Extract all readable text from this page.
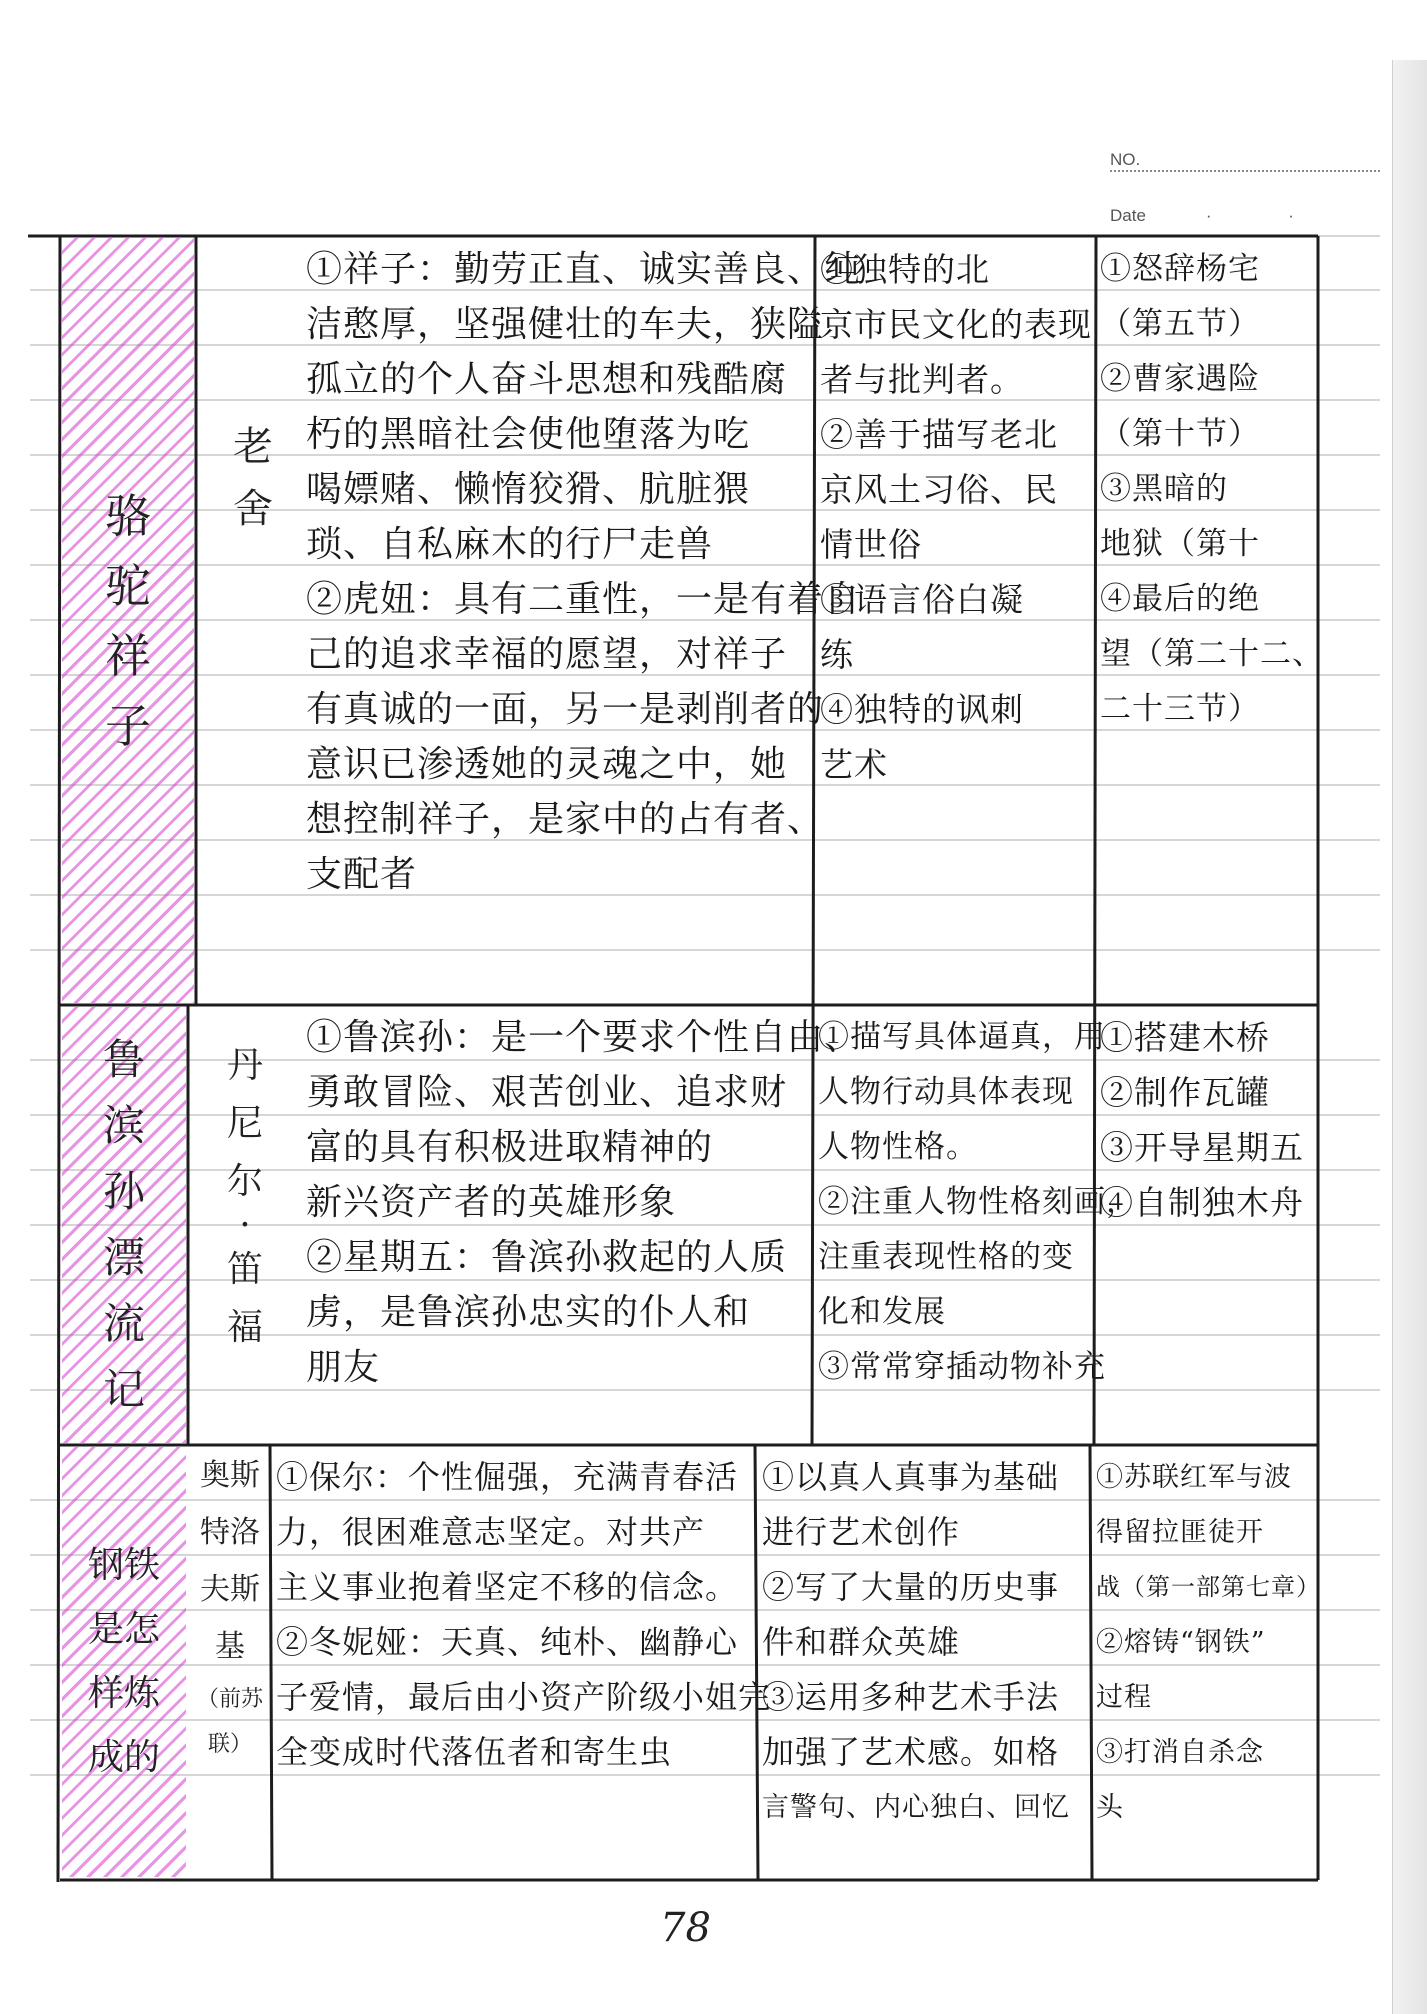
NO.
Date	· ·
骆
驼
祥
子
老
舍

①祥子：勤劳正直、诚实善良、纯

洁憨厚，坚强健壮的车夫，狭隘

孤立的个人奋斗思想和残酷腐

朽的黑暗社会使他堕落为吃

喝嫖赌、懒惰狡猾、肮脏猥

琐、自私麻木的行尸走兽

②虎妞：具有二重性，一是有着自

己的追求幸福的愿望，对祥子

有真诚的一面，另一是剥削者的

意识已渗透她的灵魂之中，她

想控制祥子，是家中的占有者、

支配者

①独特的北

京市民文化的表现

者与批判者。

②善于描写老北

京风土习俗、民

情世俗

③语言俗白凝

练

④独特的讽刺

艺术

①怒辞杨宅

（第五节）

②曹家遇险

（第十节）

③黑暗的

地狱（第十

④最后的绝

望（第二十二、

二十三节）

鲁
滨
孙
漂
流
记
丹
尼
尔
·
笛
福

①鲁滨孙：是一个要求个性自由、

勇敢冒险、艰苦创业、追求财

富的具有积极进取精神的

新兴资产者的英雄形象

②星期五：鲁滨孙救起的人质

虏，是鲁滨孙忠实的仆人和

朋友

①描写具体逼真，用

人物行动具体表现

人物性格。

②注重人物性格刻画，

注重表现性格的变

化和发展

③常常穿插动物补充

①搭建木桥

②制作瓦罐

③开导星期五

④自制独木舟

钢铁
是怎
样炼
成的
奥斯
特洛
夫斯
基
（前苏
联）

①保尔：个性倔强，充满青春活

力，很困难意志坚定。对共产

主义事业抱着坚定不移的信念。

②冬妮娅：天真、纯朴、幽静心

子爱情，最后由小资产阶级小姐完

全变成时代落伍者和寄生虫

①以真人真事为基础

进行艺术创作

②写了大量的历史事

件和群众英雄

③运用多种艺术手法

加强了艺术感。如格

言警句、内心独白、回忆

①苏联红军与波

得留拉匪徒开

战（第一部第七章）

②熔铸“钢铁”

过程

③打消自杀念

头

78
